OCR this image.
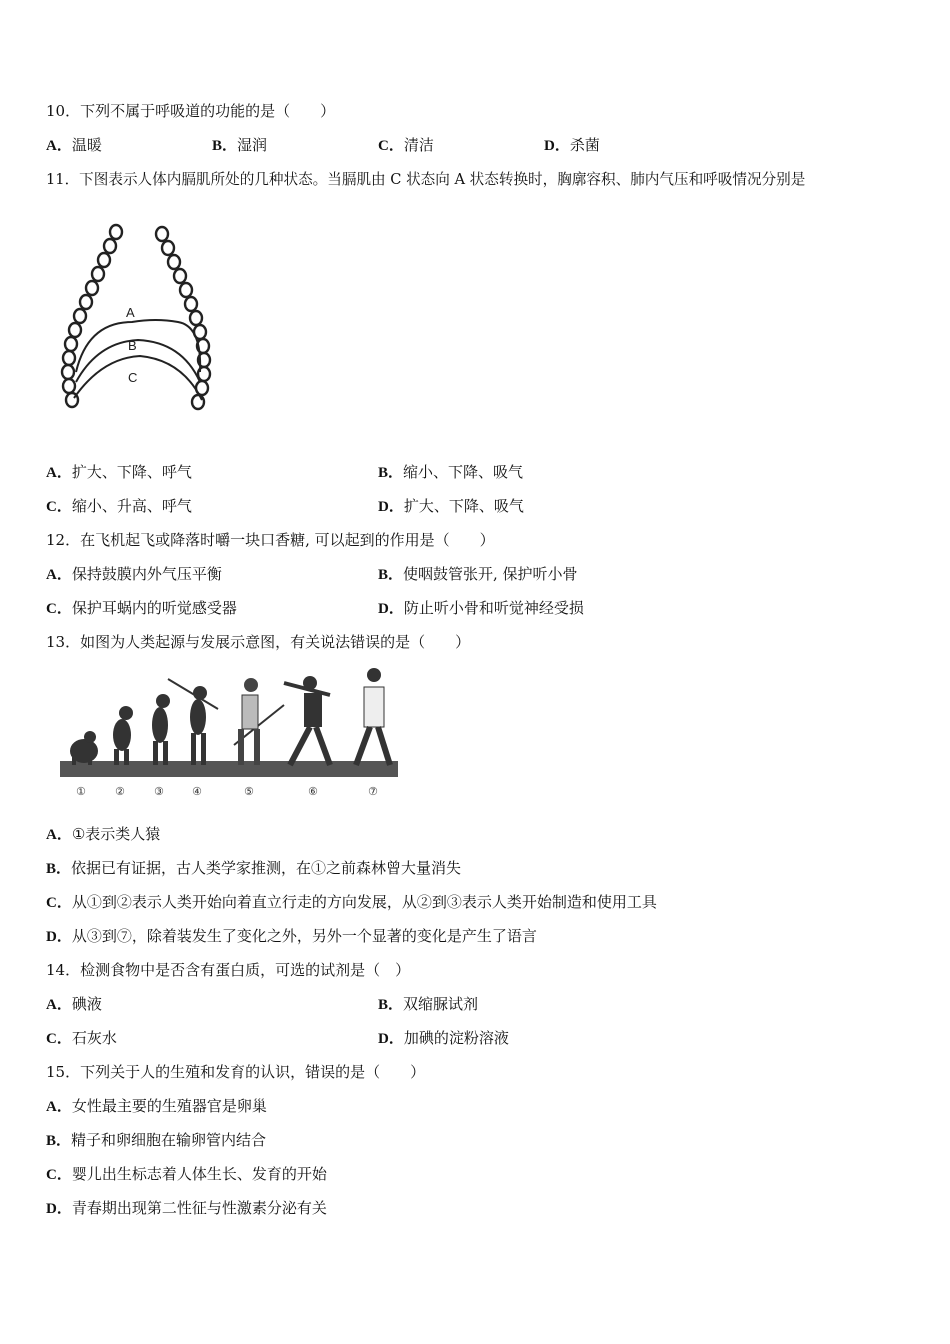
10．下列不属于呼吸道的功能的是（　　）
A．温暖	B．湿润	C．清洁	D．杀菌
11．下图表示人体内膈肌所处的几种状态。当膈肌由 C 状态向 A 状态转换时，胸廓容积、肺内气压和呼吸情况分别是
A
B
C
A．扩大、下降、呼气	B．缩小、下降、吸气
C．缩小、升高、呼气	D．扩大、下降、吸气
12．在飞机起飞或降落时嚼一块口香糖, 可以起到的作用是（　　）
A．保持鼓膜内外气压平衡	B．使咽鼓管张开, 保护听小骨
C．保护耳蜗内的听觉感受器	D．防止听小骨和听觉神经受损
13．如图为人类起源与发展示意图，有关说法错误的是（　　）
①	②	③	④	⑤	⑥	⑦
A．①表示类人猿
B．依据已有证据，古人类学家推测，在①之前森林曾大量消失
C．从①到②表示人类开始向着直立行走的方向发展，从②到③表示人类开始制造和使用工具
D．从③到⑦，除着装发生了变化之外，另外一个显著的变化是产生了语言
14．检测食物中是否含有蛋白质，可选的试剂是（　）
A．碘液	B．双缩脲试剂
C．石灰水	D．加碘的淀粉溶液
15．下列关于人的生殖和发育的认识，错误的是（　　）
A．女性最主要的生殖器官是卵巢
B．精子和卵细胞在输卵管内结合
C．婴儿出生标志着人体生长、发育的开始
D．青春期出现第二性征与性激素分泌有关
